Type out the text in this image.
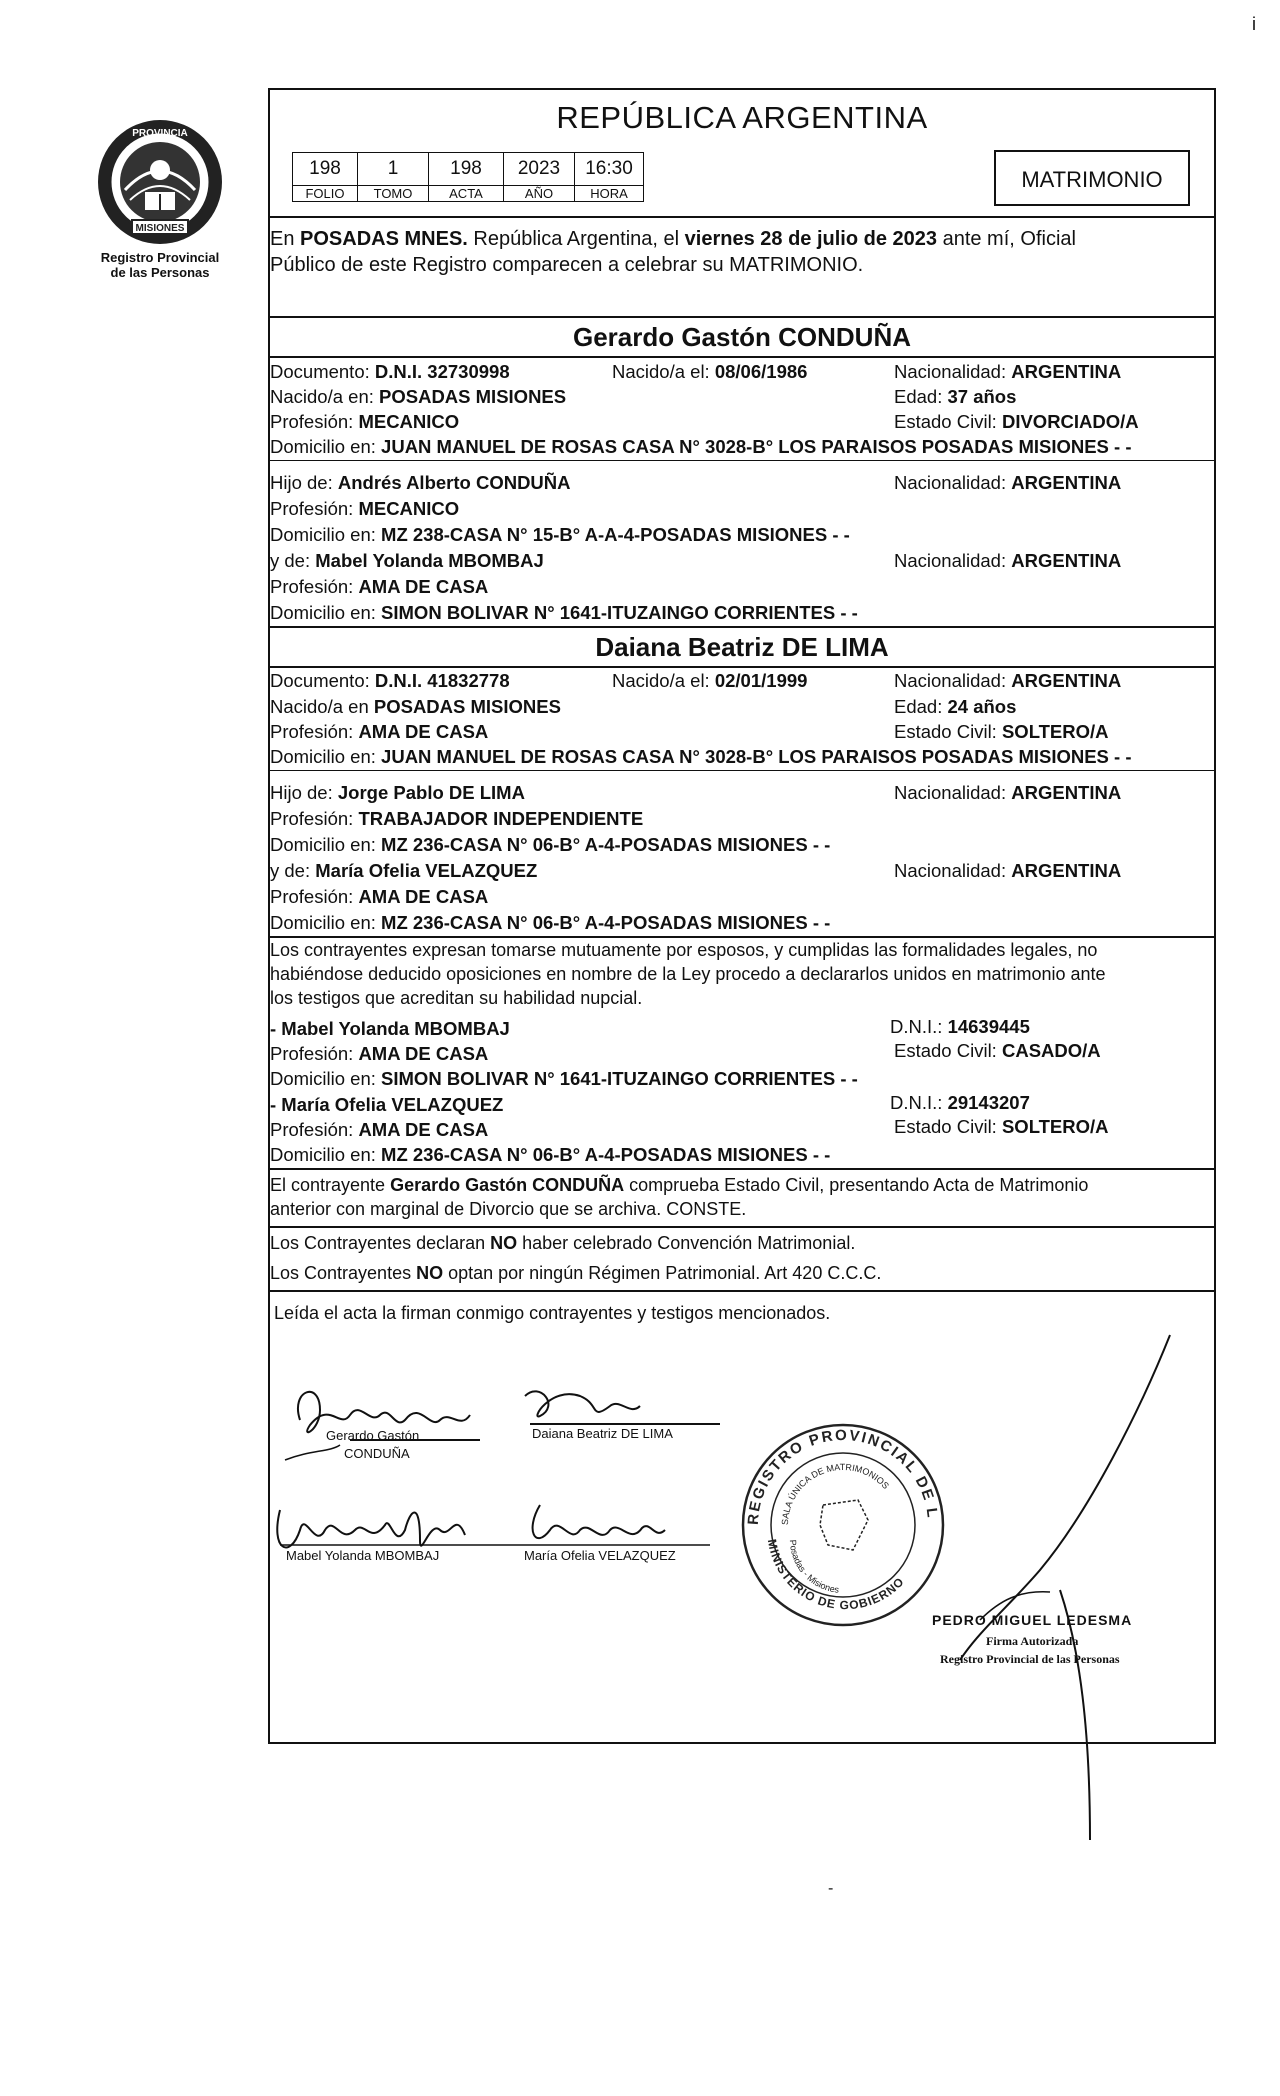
i
-
MISIONES
PROVINCIA
Registro Provincial
de las Personas
REPÚBLICA ARGENTINA
198	1	198	2023	16:30
FOLIO	TOMO	ACTA	AÑO	HORA
MATRIMONIO
En POSADAS MNES. República Argentina, el viernes 28 de julio de 2023 ante mí, Oficial
Público de este Registro comparecen a celebrar su MATRIMONIO.
Gerardo Gastón CONDUÑA
Documento: D.N.I. 32730998	Nacido/a el: 08/06/1986	Nacionalidad: ARGENTINA
Nacido/a en: POSADAS MISIONES	Edad: 37 años
Profesión: MECANICO	Estado Civil: DIVORCIADO/A
Domicilio en: JUAN MANUEL DE ROSAS CASA N° 3028-B° LOS PARAISOS POSADAS MISIONES - -
Hijo de: Andrés Alberto CONDUÑA	Nacionalidad: ARGENTINA
Profesión: MECANICO
Domicilio en: MZ 238-CASA N° 15-B° A-A-4-POSADAS MISIONES - -
y de: Mabel Yolanda MBOMBAJ	Nacionalidad: ARGENTINA
Profesión: AMA DE CASA
Domicilio en: SIMON BOLIVAR N° 1641-ITUZAINGO CORRIENTES - -
Daiana Beatriz DE LIMA
Documento: D.N.I. 41832778	Nacido/a el: 02/01/1999	Nacionalidad: ARGENTINA
Nacido/a en POSADAS MISIONES	Edad: 24 años
Profesión: AMA DE CASA	Estado Civil: SOLTERO/A
Domicilio en: JUAN MANUEL DE ROSAS CASA N° 3028-B° LOS PARAISOS POSADAS MISIONES - -
Hijo de: Jorge Pablo DE LIMA	Nacionalidad: ARGENTINA
Profesión: TRABAJADOR INDEPENDIENTE
Domicilio en: MZ 236-CASA N° 06-B° A-4-POSADAS MISIONES - -
y de: María Ofelia VELAZQUEZ	Nacionalidad: ARGENTINA
Profesión: AMA DE CASA
Domicilio en: MZ 236-CASA N° 06-B° A-4-POSADAS MISIONES - -
Los contrayentes expresan tomarse mutuamente por esposos, y cumplidas las formalidades legales, no
habiéndose deducido oposiciones en nombre de la Ley procedo a declararlos unidos en matrimonio ante
los testigos que acreditan su habilidad nupcial.
- Mabel Yolanda MBOMBAJ	D.N.I.: 14639445
Profesión: AMA DE CASA	Estado Civil: CASADO/A
Domicilio en: SIMON BOLIVAR N° 1641-ITUZAINGO CORRIENTES - -
- María Ofelia VELAZQUEZ	D.N.I.: 29143207
Profesión: AMA DE CASA	Estado Civil: SOLTERO/A
Domicilio en: MZ 236-CASA N° 06-B° A-4-POSADAS MISIONES - -
El contrayente Gerardo Gastón CONDUÑA comprueba Estado Civil, presentando Acta de Matrimonio
anterior con marginal de Divorcio que se archiva. CONSTE.
Los Contrayentes declaran NO haber celebrado Convención Matrimonial.
Los Contrayentes NO optan por ningún Régimen Patrimonial. Art 420 C.C.C.
Leída el acta la firman conmigo contrayentes y testigos mencionados.
Gerardo Gastón
CONDUÑA
Daiana Beatriz DE LIMA
Mabel Yolanda MBOMBAJ	María Ofelia VELAZQUEZ
REGISTRO PROVINCIAL DE LAS PERSONAS
MINISTERIO DE GOBIERNO
SALA ÚNICA DE MATRIMONIOS
Posadas - Misiones
PEDRO MIGUEL LEDESMA
Firma Autorizada
Registro Provincial de las Personas
